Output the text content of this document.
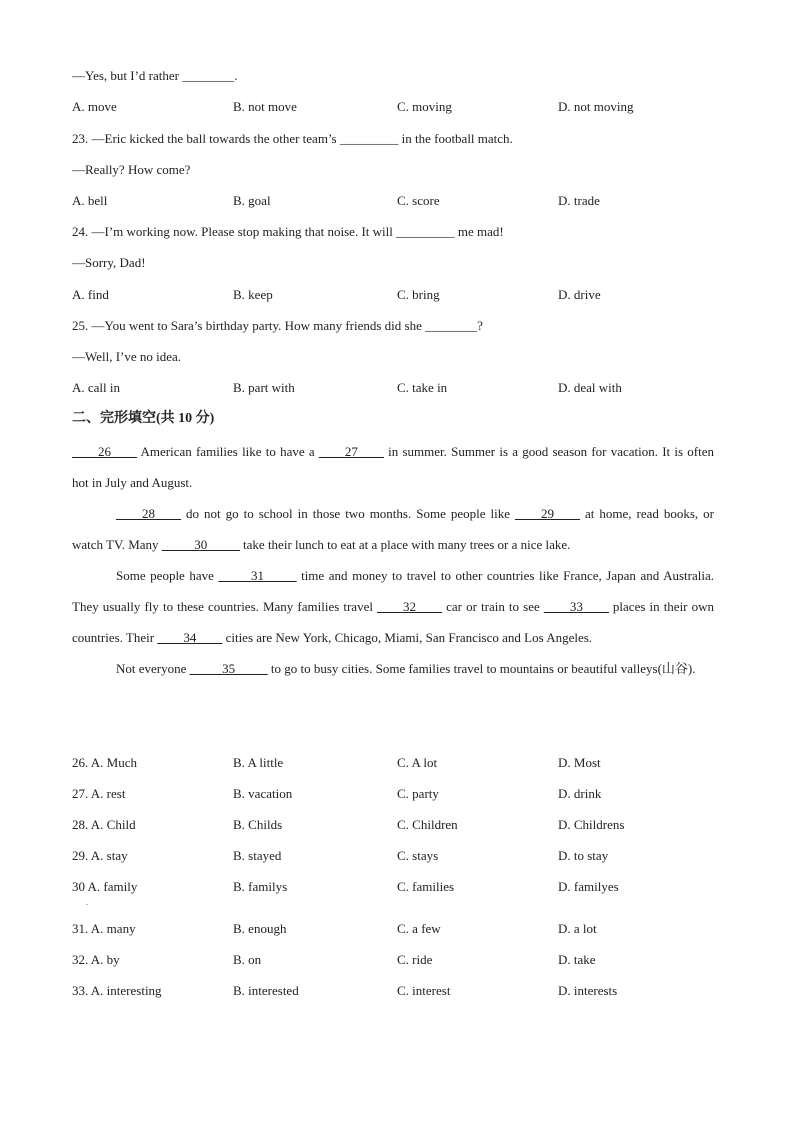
—Yes, but I’d rather ________.
A. move	B. not move	C. moving	D. not moving
23. —Eric kicked the ball towards the other team’s _________ in the football match.
—Really? How come?
A. bell	B. goal	C. score	D. trade
24. —I’m working now. Please stop making that noise. It will _________ me mad!
—Sorry, Dad!
A. find	B. keep	C. bring	D. drive
25. —You went to Sara’s birthday party. How many friends did she ________?
—Well, I’ve no idea.
A. call in	B. part with	C. take in	D. deal with
二、完形填空(共 10 分)

____26____ American families like to have a ____27____ in summer. Summer is a good season for vacation. It is often hot in July and August.

____28____ do not go to school in those two months. Some people like ____29____ at home, read books, or watch TV. Many _____30_____ take their lunch to eat at a place with many trees or a nice lake.

Some people have _____31_____ time and money to travel to other countries like France, Japan and Australia. They usually fly to these countries. Many families travel ____32____ car or train to see ____33____ places in their own countries. Their ____34____ cities are New York, Chicago, Miami, San Francisco and Los Angeles.

Not everyone _____35_____ to go to busy cities. Some families travel to mountains or beautiful valleys(山谷).

26. A. Much	B. A little	C. A lot	D. Most
27. A. rest	B. vacation	C. party	D. drink
28. A. Child	B. Childs	C. Children	D. Childrens
29. A. stay	B. stayed	C. stays	D. to stay
30 A. family	B. familys	C. families	D. familyes
.
31. A. many	B. enough	C. a few	D. a lot
32. A. by	B. on	C. ride	D. take
33. A. interesting	B. interested	C. interest	D. interests
